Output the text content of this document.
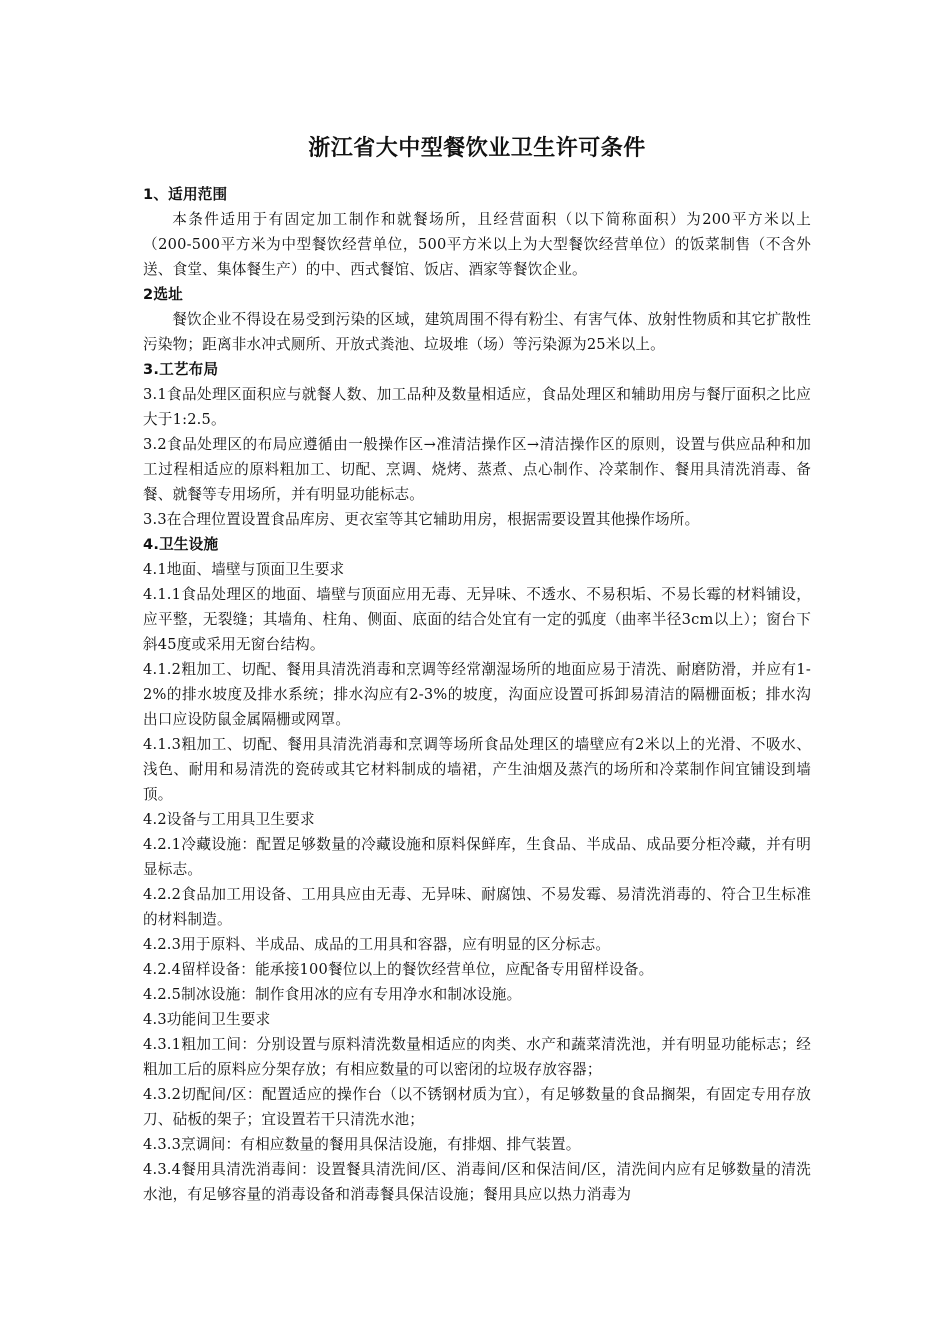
浙江省大中型餐饮业卫生许可条件

1、适用范围

本条件适用于有固定加工制作和就餐场所，且经营面积（以下简称面积）为200平方米以上（200-500平方米为中型餐饮经营单位，500平方米以上为大型餐饮经营单位）的饭菜制售（不含外送、食堂、集体餐生产）的中、西式餐馆、饭店、酒家等餐饮企业。

2选址

餐饮企业不得设在易受到污染的区域，建筑周围不得有粉尘、有害气体、放射性物质和其它扩散性污染物；距离非水冲式厕所、开放式粪池、垃圾堆（场）等污染源为25米以上。

3.工艺布局

3.1食品处理区面积应与就餐人数、加工品种及数量相适应，食品处理区和辅助用房与餐厅面积之比应大于1:2.5。

3.2食品处理区的布局应遵循由一般操作区→准清洁操作区→清洁操作区的原则，设置与供应品种和加工过程相适应的原料粗加工、切配、烹调、烧烤、蒸煮、点心制作、冷菜制作、餐用具清洗消毒、备餐、就餐等专用场所，并有明显功能标志。

3.3在合理位置设置食品库房、更衣室等其它辅助用房，根据需要设置其他操作场所。

4.卫生设施

4.1地面、墙壁与顶面卫生要求

4.1.1食品处理区的地面、墙壁与顶面应用无毒、无异味、不透水、不易积垢、不易长霉的材料铺设，应平整，无裂缝；其墙角、柱角、侧面、底面的结合处宜有一定的弧度（曲率半径3cm以上）；窗台下斜45度或采用无窗台结构。

4.1.2粗加工、切配、餐用具清洗消毒和烹调等经常潮湿场所的地面应易于清洗、耐磨防滑，并应有1-2%的排水坡度及排水系统；排水沟应有2-3%的坡度，沟面应设置可拆卸易清洁的隔栅面板；排水沟出口应设防鼠金属隔栅或网罩。

4.1.3粗加工、切配、餐用具清洗消毒和烹调等场所食品处理区的墙壁应有2米以上的光滑、不吸水、浅色、耐用和易清洗的瓷砖或其它材料制成的墙裙，产生油烟及蒸汽的场所和冷菜制作间宜铺设到墙顶。

4.2设备与工用具卫生要求

4.2.1冷藏设施：配置足够数量的冷藏设施和原料保鲜库，生食品、半成品、成品要分柜冷藏，并有明显标志。

4.2.2食品加工用设备、工用具应由无毒、无异味、耐腐蚀、不易发霉、易清洗消毒的、符合卫生标准的材料制造。

4.2.3用于原料、半成品、成品的工用具和容器，应有明显的区分标志。

4.2.4留样设备：能承接100餐位以上的餐饮经营单位，应配备专用留样设备。

4.2.5制冰设施：制作食用冰的应有专用净水和制冰设施。

4.3功能间卫生要求

4.3.1粗加工间：分别设置与原料清洗数量相适应的肉类、水产和蔬菜清洗池，并有明显功能标志；经粗加工后的原料应分架存放；有相应数量的可以密闭的垃圾存放容器；

4.3.2切配间/区：配置适应的操作台（以不锈钢材质为宜），有足够数量的食品搁架，有固定专用存放刀、砧板的架子；宜设置若干只清洗水池；

4.3.3烹调间：有相应数量的餐用具保洁设施，有排烟、排气装置。

4.3.4餐用具清洗消毒间：设置餐具清洗间/区、消毒间/区和保洁间/区，清洗间内应有足够数量的清洗水池，有足够容量的消毒设备和消毒餐具保洁设施；餐用具应以热力消毒为
